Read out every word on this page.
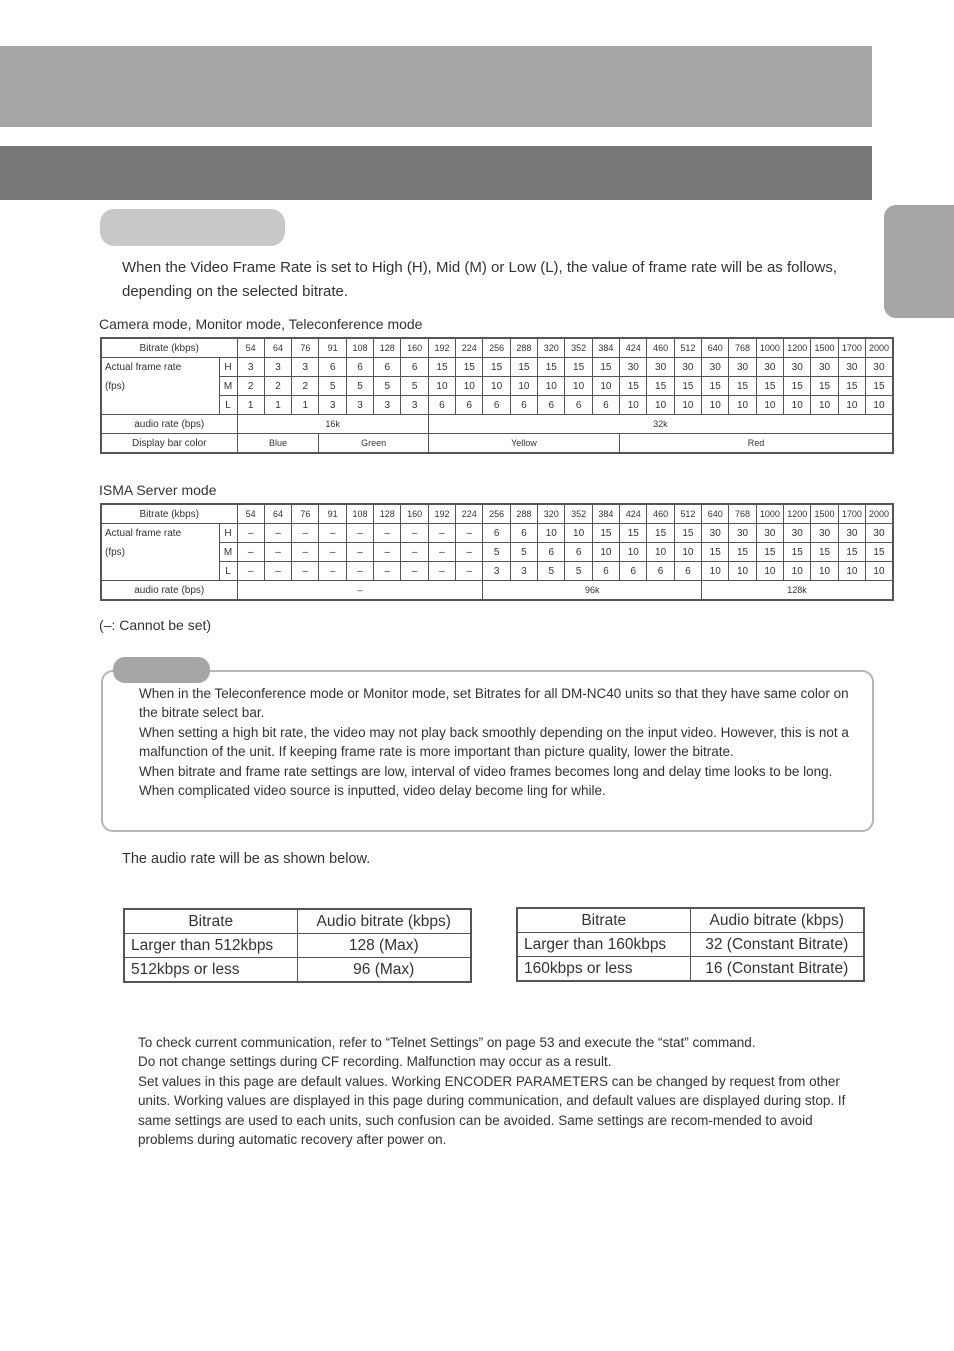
When the Video Frame Rate is set to High (H), Mid (M) or Low (L), the value of frame rate will be as follows, depending on the selected bitrate.
Camera mode, Monitor mode, Teleconference mode
Bitrate (kbps)		54	64	76	91	108	128	160	192	224	256	288	320	352	384	424	460	512	640	768	1000	1200	1500	1700	2000
Actual frame rate	H	3	3	3	6	6	6	6	15	15	15	15	15	15	15	30	30	30	30	30	30	30	30	30	30
(fps)	M	2	2	2	5	5	5	5	10	10	10	10	10	10	10	15	15	15	15	15	15	15	15	15	15
	L	1	1	1	3	3	3	3	6	6	6	6	6	6	6	10	10	10	10	10	10	10	10	10	10
audio rate (bps)		16k							32k																
Display bar color		Blue			Green				Yellow							Red									
ISMA Server mode
Bitrate (kbps)		54	64	76	91	108	128	160	192	224	256	288	320	352	384	424	460	512	640	768	1000	1200	1500	1700	2000
Actual frame rate	H	–	–	–	–	–	–	–	–	–	6	6	10	10	15	15	15	15	30	30	30	30	30	30	30
(fps)	M	–	–	–	–	–	–	–	–	–	5	5	6	6	10	10	10	10	15	15	15	15	15	15	15
	L	–	–	–	–	–	–	–	–	–	3	3	5	5	6	6	6	6	10	10	10	10	10	10	10
audio rate (bps)		–									96k								128k						
(–: Cannot be set)

When in the Teleconference mode or Monitor mode, set Bitrates for all DM-NC40 units so that they have same color on the bitrate select bar.

When setting a high bit rate, the video may not play back smoothly depending on the input video. However, this is not a malfunction of the unit. If keeping frame rate is more important than picture quality, lower the bitrate.

When bitrate and frame rate settings are low, interval of video frames becomes long and delay time looks to be long.

When complicated video source is inputted, video delay become ling for while.

The audio rate will be as shown below.
Bitrate	Audio bitrate (kbps)
Larger than 512kbps	128 (Max)
512kbps or less	96 (Max)
Bitrate	Audio bitrate (kbps)
Larger than 160kbps	32 (Constant Bitrate)
160kbps or less	16 (Constant Bitrate)

To check current communication, refer to “Telnet Settings” on page 53 and execute the “stat” command.

Do not change settings during CF recording. Malfunction may occur as a result.

Set values in this page are default values. Working ENCODER PARAMETERS can be changed by request from other units. Working values are displayed in this page during communication, and default values are displayed during stop. If same settings are used to each units, such confusion can be avoided. Same settings are recom-mended to avoid problems during automatic recovery after power on.
